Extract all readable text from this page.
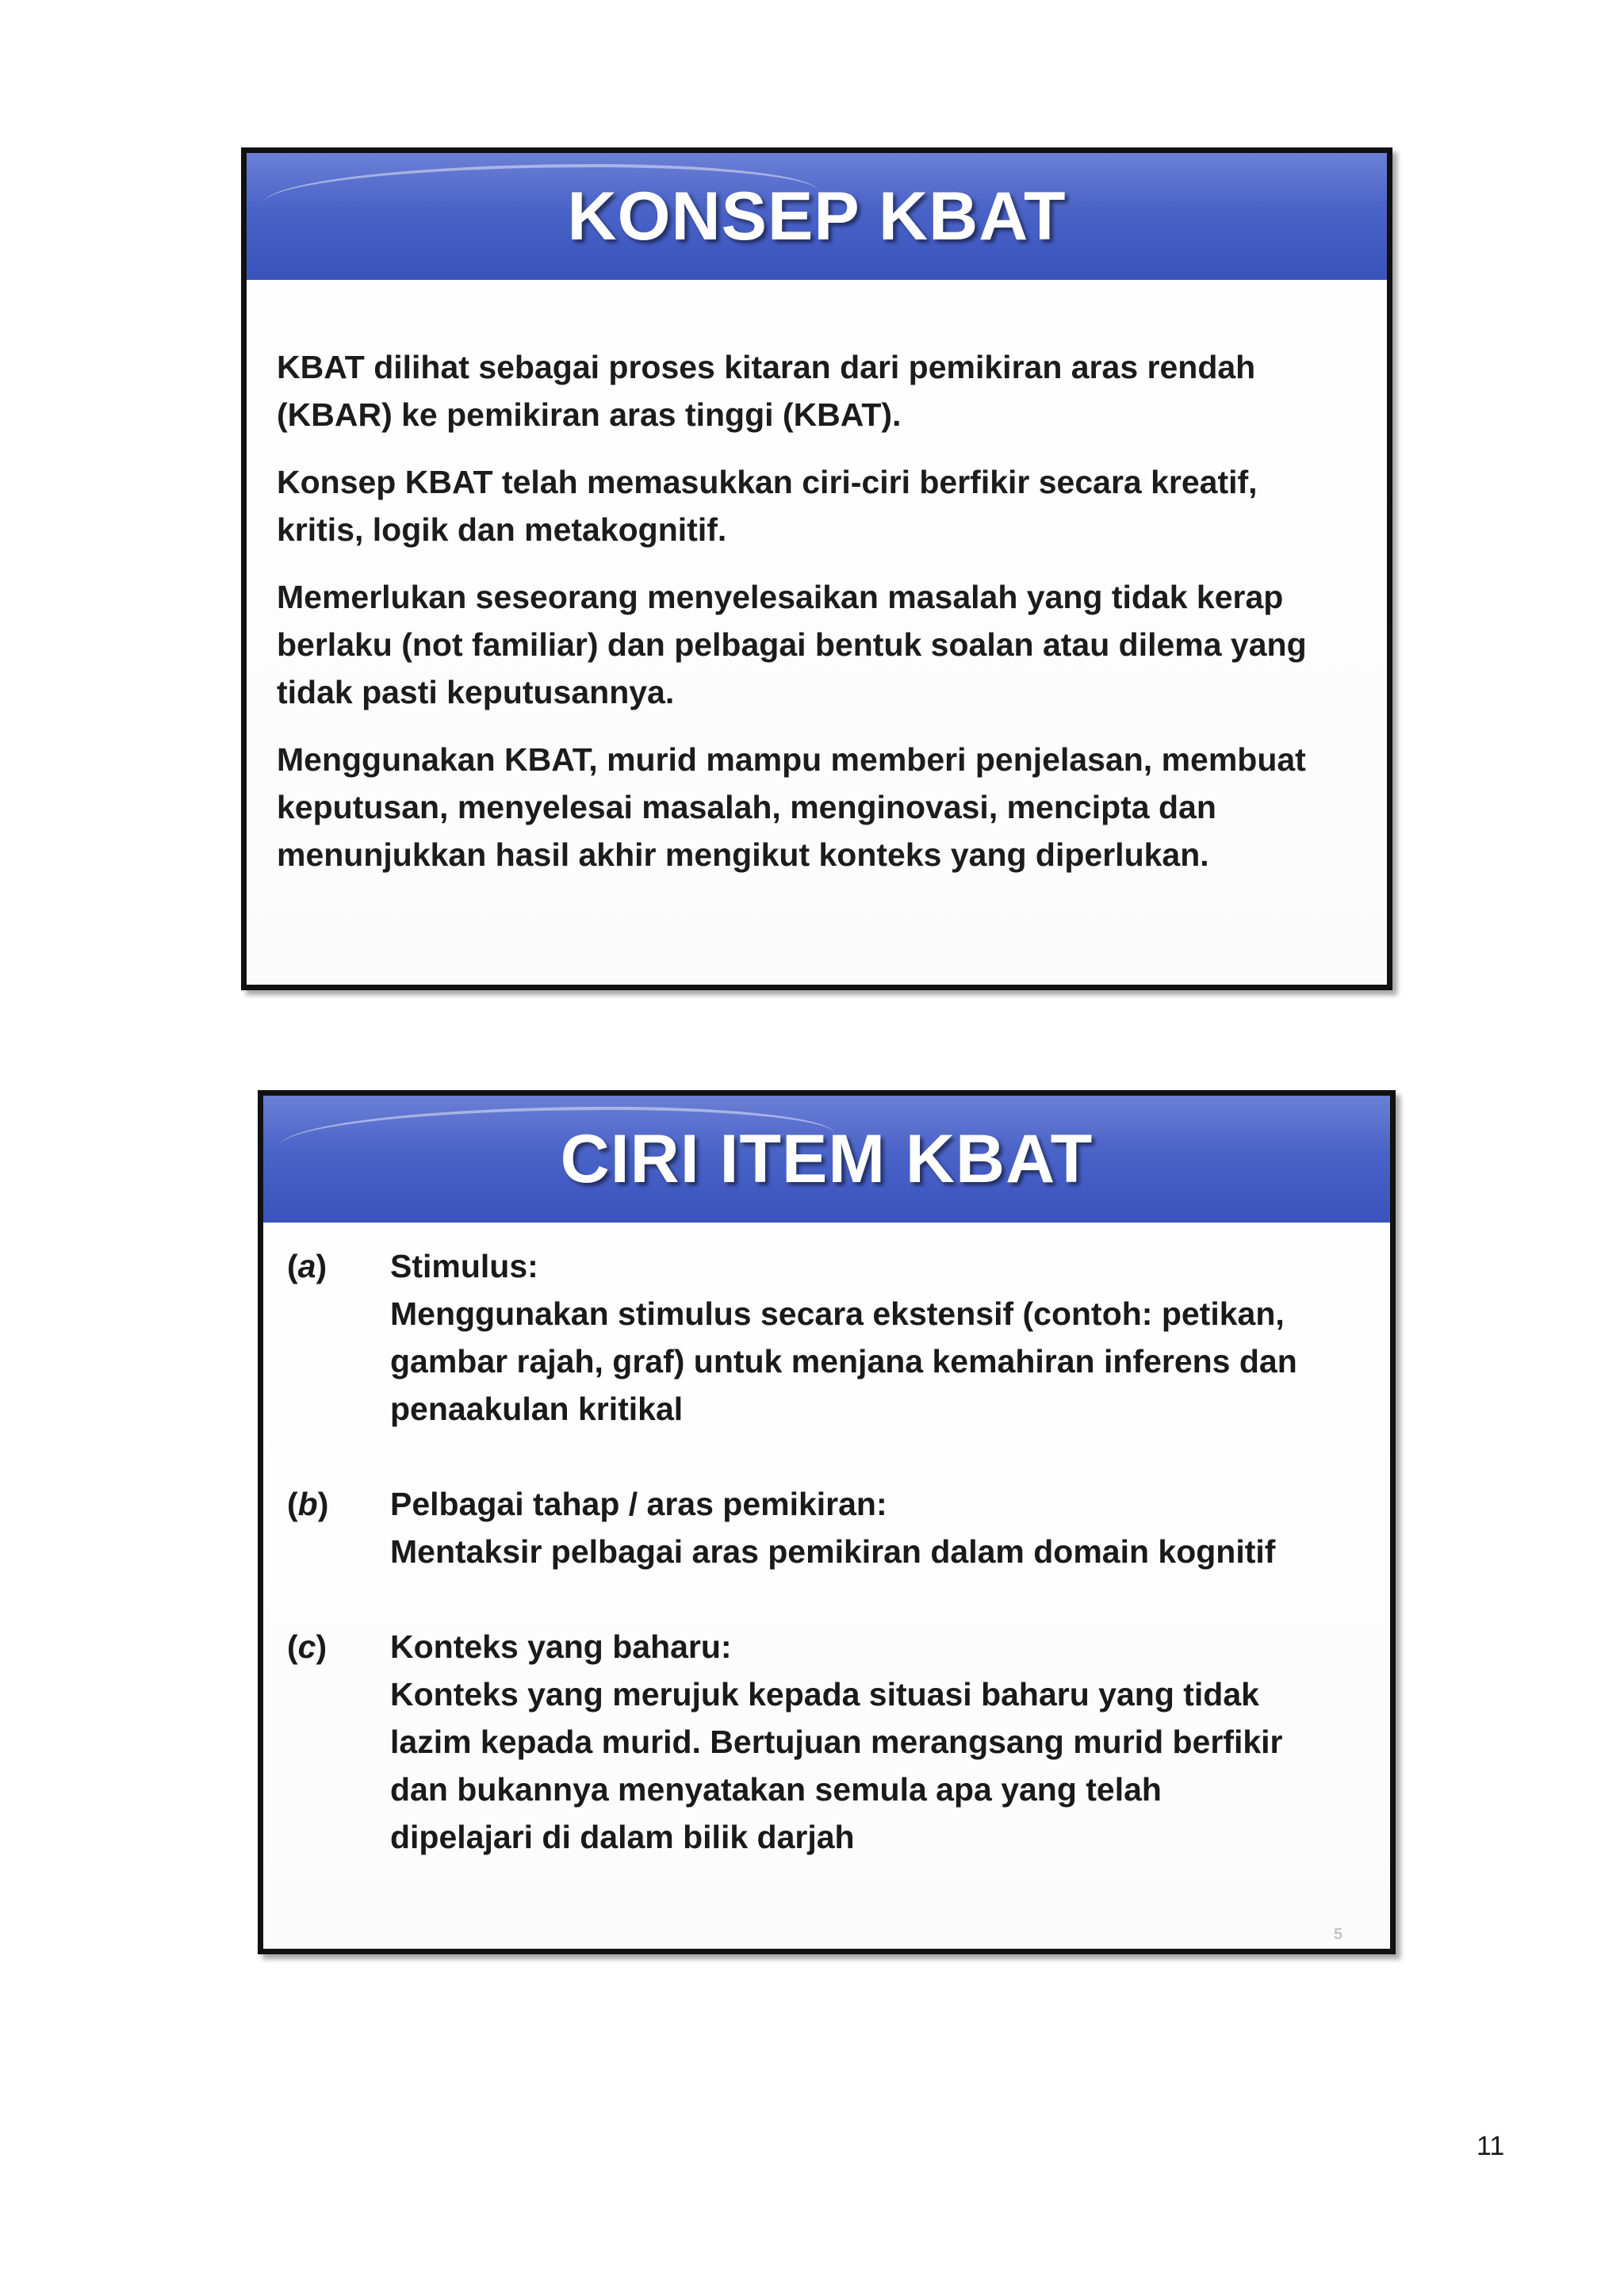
KONSEP KBAT

KBAT dilihat sebagai proses kitaran dari pemikiran aras rendah (KBAR) ke pemikiran aras tinggi (KBAT).

Konsep KBAT telah memasukkan ciri-ciri berfikir secara kreatif, kritis, logik dan metakognitif.

Memerlukan seseorang menyelesaikan masalah yang tidak kerap berlaku (not familiar) dan pelbagai bentuk soalan atau dilema yang tidak pasti keputusannya.

Menggunakan KBAT, murid mampu memberi penjelasan, membuat keputusan, menyelesai masalah, menginovasi, mencipta dan menunjukkan hasil akhir mengikut konteks yang diperlukan.

CIRI ITEM KBAT
(a)	Stimulus:
Menggunakan stimulus secara ekstensif (contoh: petikan,
gambar rajah, graf) untuk menjana kemahiran inferens dan
penaakulan kritikal
(b)	Pelbagai tahap / aras pemikiran:
Mentaksir pelbagai aras pemikiran dalam domain kognitif
(c)	Konteks yang baharu:
Konteks yang merujuk kepada situasi baharu yang tidak
lazim kepada murid. Bertujuan merangsang murid berfikir
dan bukannya menyatakan semula apa yang telah
dipelajari di dalam bilik darjah
5
11
